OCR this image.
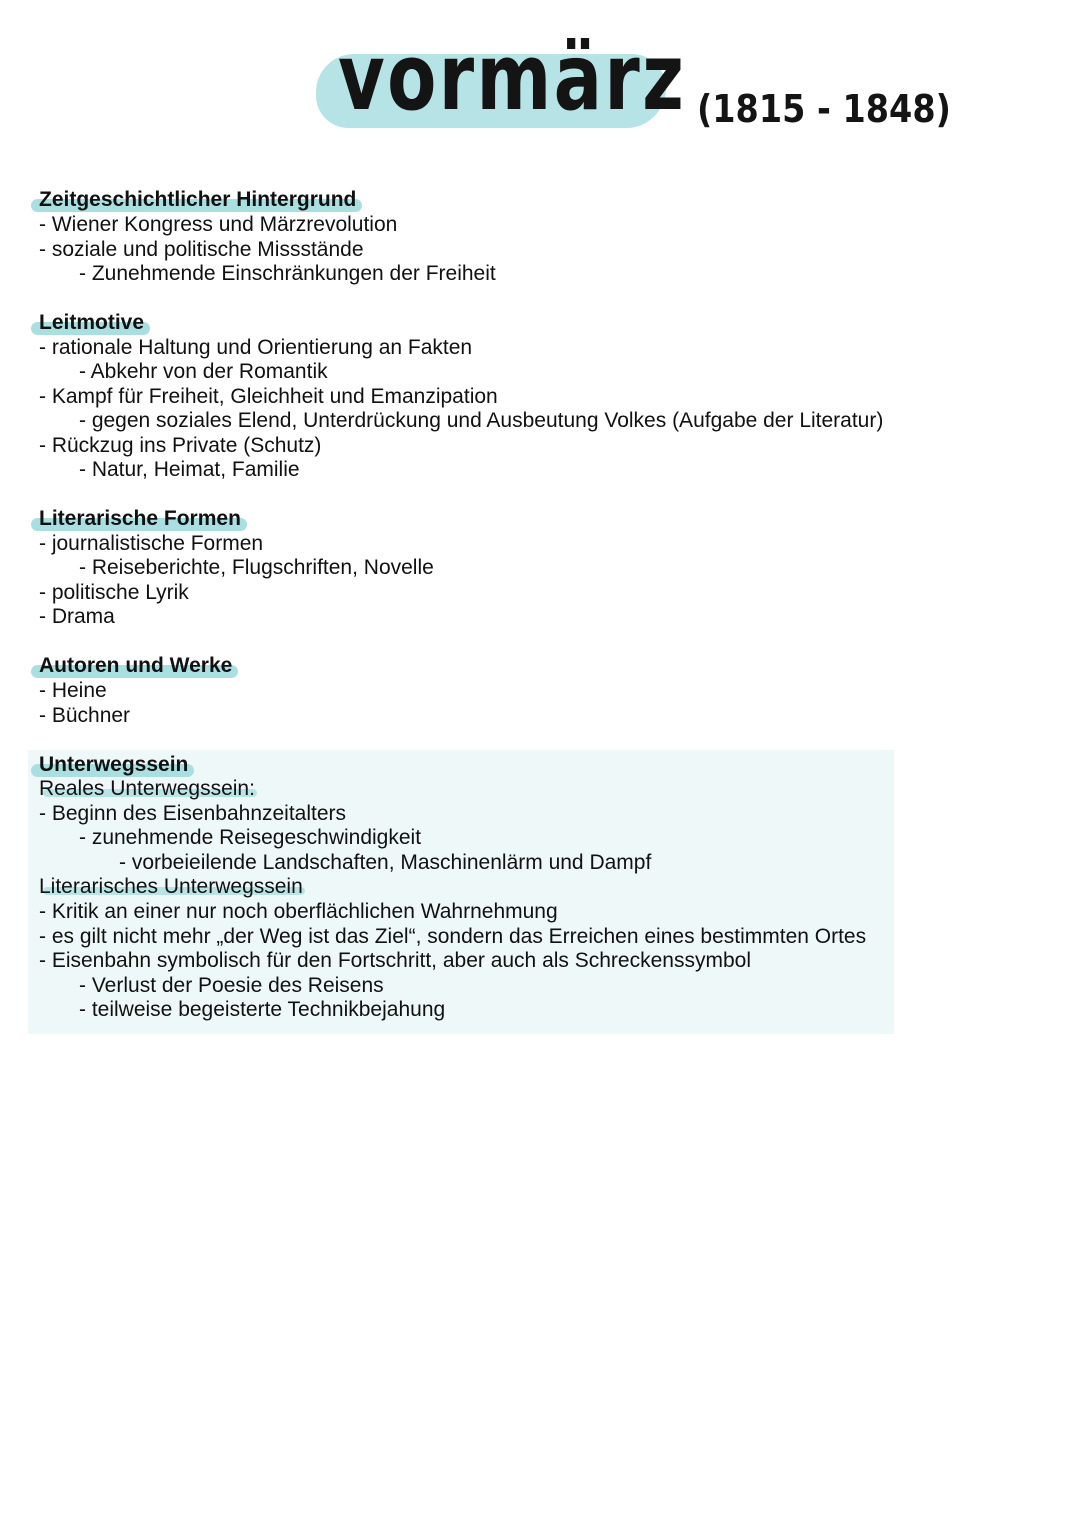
vormärz (1815 - 1848)
Zeitgeschichtlicher Hintergrund
- Wiener Kongress und Märzrevolution
- soziale und politische Missstände
- Zunehmende Einschränkungen der Freiheit
Leitmotive
- rationale Haltung und Orientierung an Fakten
- Abkehr von der Romantik
- Kampf für Freiheit, Gleichheit und Emanzipation
- gegen soziales Elend, Unterdrückung und Ausbeutung Volkes (Aufgabe der Literatur)
- Rückzug ins Private (Schutz)
- Natur, Heimat, Familie
Literarische Formen
- journalistische Formen
- Reiseberichte, Flugschriften, Novelle
- politische Lyrik
- Drama
Autoren und Werke
- Heine
- Büchner
Unterwegssein
Reales Unterwegssein:
- Beginn des Eisenbahnzeitalters
- zunehmende Reisegeschwindigkeit
- vorbeieilende Landschaften, Maschinenlärm und Dampf
Literarisches Unterwegssein
- Kritik an einer nur noch oberflächlichen Wahrnehmung
- es gilt nicht mehr „der Weg ist das Ziel“, sondern das Erreichen eines bestimmten Ortes
- Eisenbahn symbolisch für den Fortschritt, aber auch als Schreckenssymbol
- Verlust der Poesie des Reisens
- teilweise begeisterte Technikbejahung
